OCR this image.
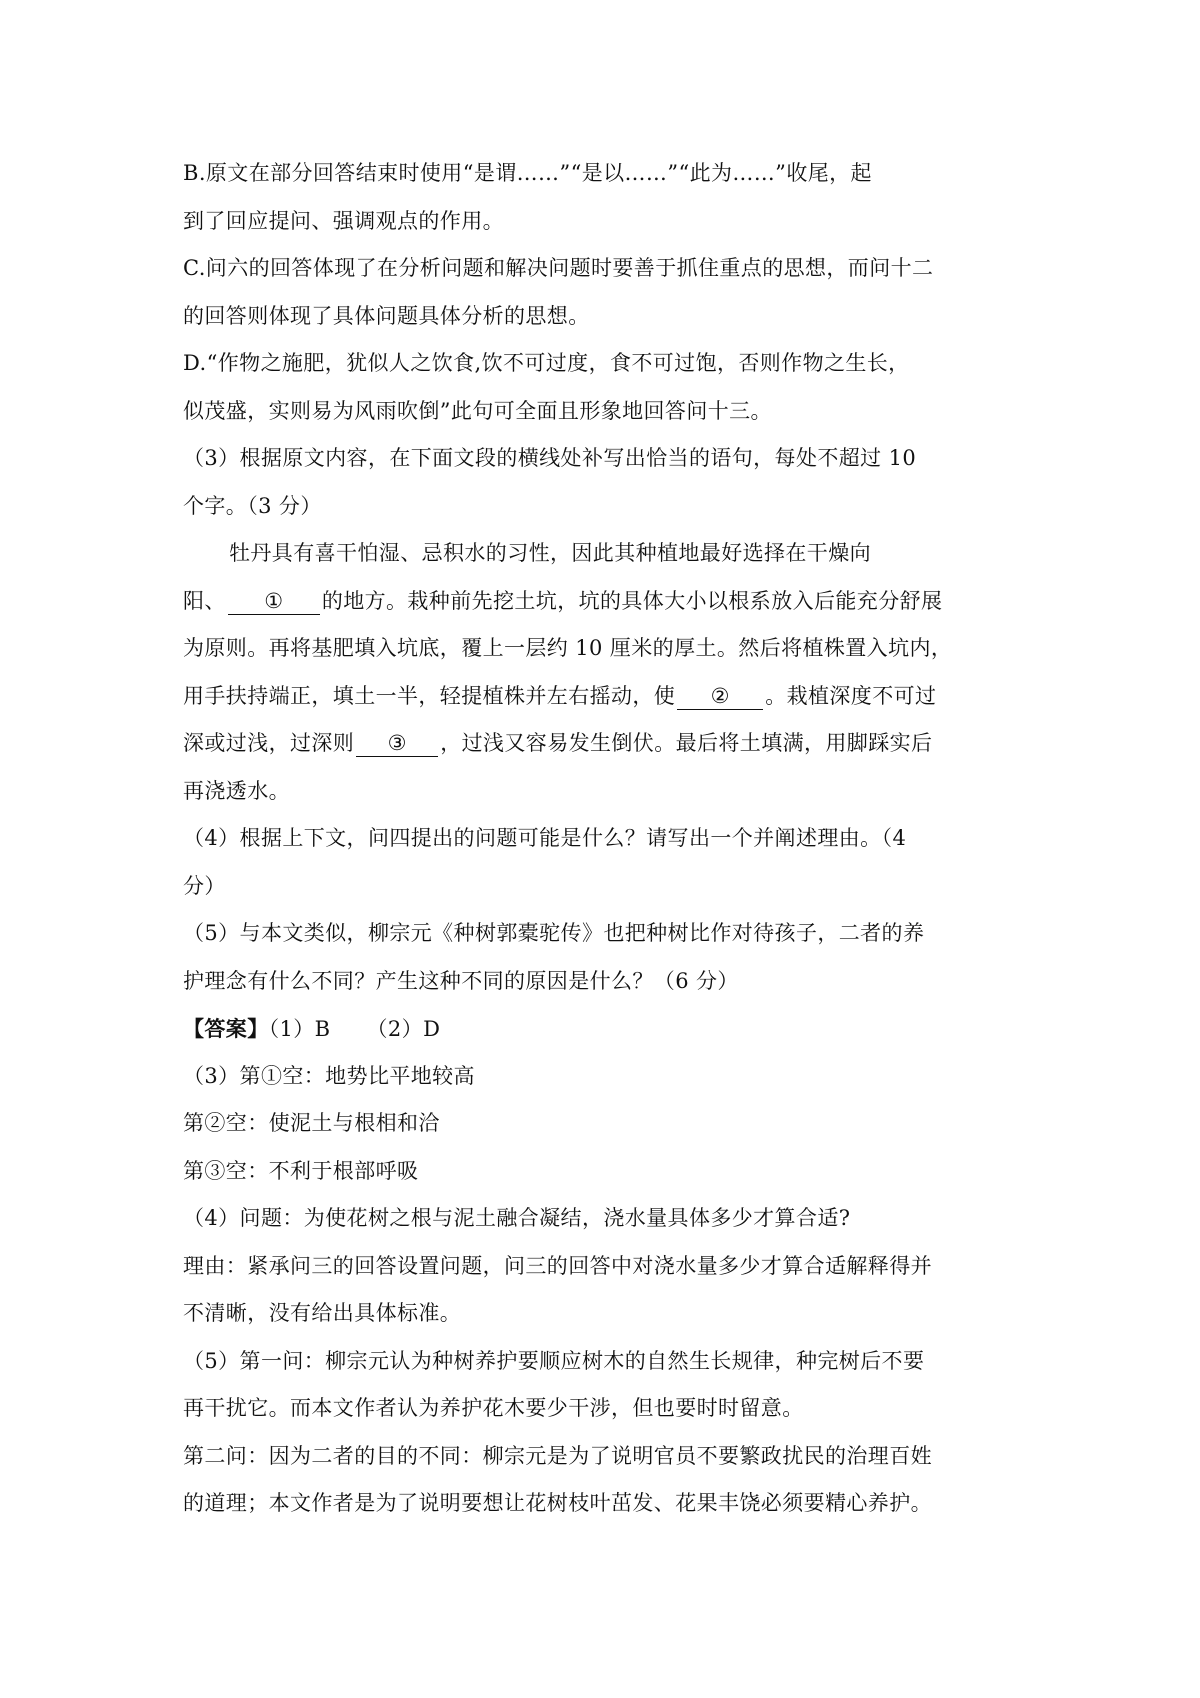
B.原文在部分回答结束时使用“是谓……”“是以……”“此为……”收尾，起
到了回应提问、强调观点的作用。
C.问六的回答体现了在分析问题和解决问题时要善于抓住重点的思想，而问十二
的回答则体现了具体问题具体分析的思想。
D.“作物之施肥，犹似人之饮食,饮不可过度，食不可过饱，否则作物之生长，
似茂盛，实则易为风雨吹倒”此句可全面且形象地回答问十三。
（3）根据原文内容，在下面文段的横线处补写出恰当的语句，每处不超过 10
个字。（3 分）
牡丹具有喜干怕湿、忌积水的习性，因此其种植地最好选择在干燥向
阳、 ① 的地方。栽种前先挖土坑，坑的具体大小以根系放入后能充分舒展
为原则。再将基肥填入坑底，覆上一层约 10 厘米的厚土。然后将植株置入坑内，
用手扶持端正，填土一半，轻提植株并左右摇动，使 ② 。栽植深度不可过
深或过浅，过深则 ③ ，过浅又容易发生倒伏。最后将土填满，用脚踩实后
再浇透水。
（4）根据上下文，问四提出的问题可能是什么？请写出一个并阐述理由。（4
分）
（5）与本文类似，柳宗元《种树郭橐驼传》也把种树比作对待孩子，二者的养
护理念有什么不同？产生这种不同的原因是什么？（6 分）
【答案】（1）B （2）D
（3）第①空：地势比平地较高
第②空：使泥土与根相和洽
第③空：不利于根部呼吸
（4）问题：为使花树之根与泥土融合凝结，浇水量具体多少才算合适?
理由：紧承问三的回答设置问题，问三的回答中对浇水量多少才算合适解释得并
不清晰，没有给出具体标准。
（5）第一问：柳宗元认为种树养护要顺应树木的自然生长规律，种完树后不要
再干扰它。而本文作者认为养护花木要少干涉，但也要时时留意。
第二问：因为二者的目的不同：柳宗元是为了说明官员不要繁政扰民的治理百姓
的道理；本文作者是为了说明要想让花树枝叶茁发、花果丰饶必须要精心养护。
